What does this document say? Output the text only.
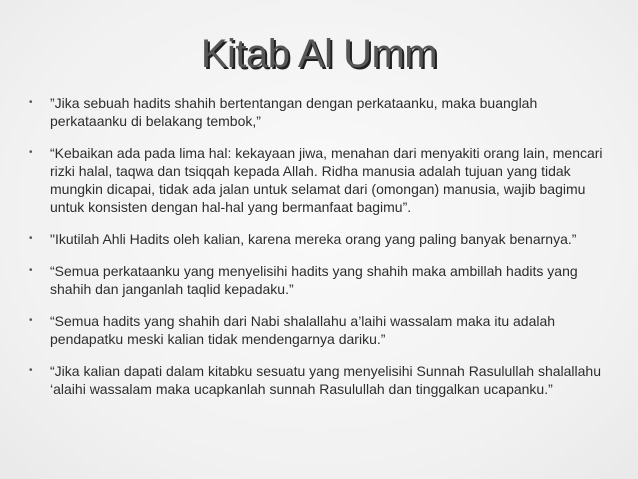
Kitab Al Umm
• ”Jika sebuah hadits shahih bertentangan dengan perkataanku, maka buanglah perkataanku di belakang tembok,”
• “Kebaikan ada pada lima hal: kekayaan jiwa, menahan dari menyakiti orang lain, mencari rizki halal, taqwa dan tsiqqah kepada Allah. Ridha manusia adalah tujuan yang tidak mungkin dicapai, tidak ada jalan untuk selamat dari (omongan) manusia, wajib bagimu untuk konsisten dengan hal-hal yang bermanfaat bagimu”.
• "Ikutilah Ahli Hadits oleh kalian, karena mereka orang yang paling banyak benarnya.”
• “Semua perkataanku yang menyelisihi hadits yang shahih maka ambillah hadits yang shahih dan janganlah taqlid kepadaku.”
• “Semua hadits yang shahih dari Nabi shalallahu a’laihi wassalam maka itu adalah pendapatku meski kalian tidak mendengarnya dariku.”
• “Jika kalian dapati dalam kitabku sesuatu yang menyelisihi Sunnah Rasulullah shalallahu ‘alaihi wassalam maka ucapkanlah sunnah Rasulullah dan tinggalkan ucapanku.”
